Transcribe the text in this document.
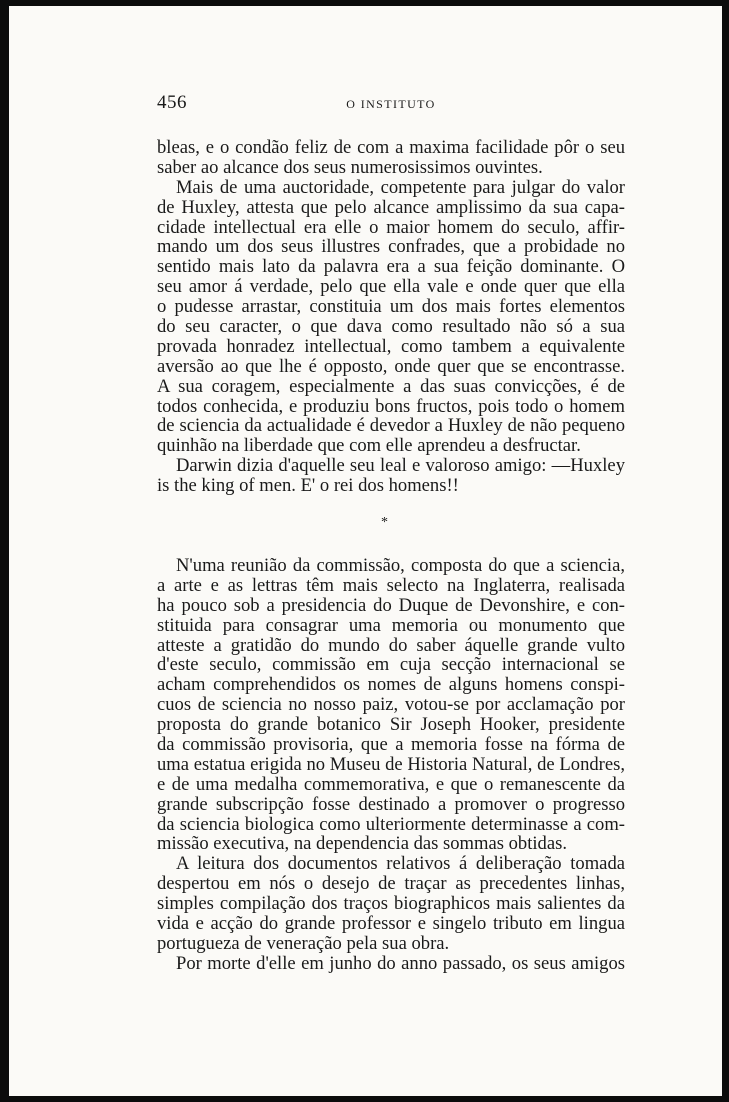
456	O INSTITUTO
bleas, e o condão feliz de com a maxima facilidade pôr o seu
saber ao alcance dos seus numerosissimos ouvintes.
Mais de uma auctoridade, competente para julgar do valor
de Huxley, attesta que pelo alcance amplissimo da sua capa-
cidade intellectual era elle o maior homem do seculo, affir-
mando um dos seus illustres confrades, que a probidade no
sentido mais lato da palavra era a sua feição dominante. O
seu amor á verdade, pelo que ella vale e onde quer que ella
o pudesse arrastar, constituia um dos mais fortes elementos
do seu caracter, o que dava como resultado não só a sua
provada honradez intellectual, como tambem a equivalente
aversão ao que lhe é opposto, onde quer que se encontrasse.
A sua coragem, especialmente a das suas convicções, é de
todos conhecida, e produziu bons fructos, pois todo o homem
de sciencia da actualidade é devedor a Huxley de não pequeno
quinhão na liberdade que com elle aprendeu a desfructar.
Darwin dizia d'aquelle seu leal e valoroso amigo: —Huxley
is the king of men. E' o rei dos homens!!
*
N'uma reunião da commissão, composta do que a sciencia,
a arte e as lettras têm mais selecto na Inglaterra, realisada
ha pouco sob a presidencia do Duque de Devonshire, e con-
stituida para consagrar uma memoria ou monumento que
atteste a gratidão do mundo do saber áquelle grande vulto
d'este seculo, commissão em cuja secção internacional se
acham comprehendidos os nomes de alguns homens conspi-
cuos de sciencia no nosso paiz, votou-se por acclamação por
proposta do grande botanico Sir Joseph Hooker, presidente
da commissão provisoria, que a memoria fosse na fórma de
uma estatua erigida no Museu de Historia Natural, de Londres,
e de uma medalha commemorativa, e que o remanescente da
grande subscripção fosse destinado a promover o progresso
da sciencia biologica como ulteriormente determinasse a com-
missão executiva, na dependencia das sommas obtidas.
A leitura dos documentos relativos á deliberação tomada
despertou em nós o desejo de traçar as precedentes linhas,
simples compilação dos traços biographicos mais salientes da
vida e acção do grande professor e singelo tributo em lingua
portugueza de veneração pela sua obra.
Por morte d'elle em junho do anno passado, os seus amigos
